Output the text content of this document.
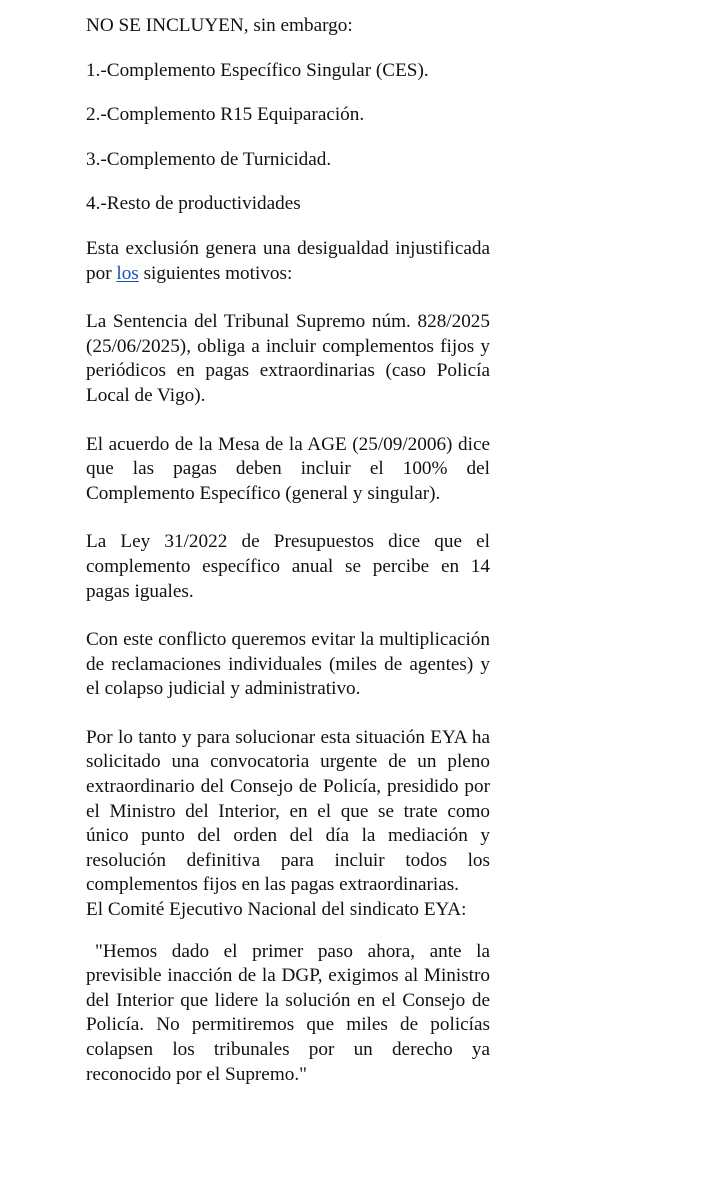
NO SE INCLUYEN, sin embargo:

1.-Complemento Específico Singular (CES).

2.-Complemento R15 Equiparación.

3.-Complemento de Turnicidad.

4.-Resto de productividades

Esta exclusión genera una desigualdad injustificada por los siguientes motivos:

La Sentencia del Tribunal Supremo núm. 828/2025 (25/06/2025), obliga a incluir complementos fijos y periódicos en pagas extraordinarias (caso Policía Local de Vigo).

El acuerdo de la Mesa de la AGE (25/09/2006) dice que las pagas deben incluir el 100% del Complemento Específico (general y singular).

La Ley 31/2022 de Presupuestos dice que el complemento específico anual se percibe en 14 pagas iguales.

Con este conflicto queremos evitar la multiplicación de reclamaciones individuales (miles de agentes) y el colapso judicial y administrativo.

Por lo tanto y para solucionar esta situación EYA ha solicitado una convocatoria urgente de un pleno extraordinario del Consejo de Policía, presidido por el Ministro del Interior, en el que se trate como único punto del orden del día la mediación y resolución definitiva para incluir todos los complementos fijos en las pagas extraordinarias.

El Comité Ejecutivo Nacional del sindicato EYA:

"Hemos dado el primer paso ahora, ante la previsible inacción de la DGP, exigimos al Ministro del Interior que lidere la solución en el Consejo de Policía. No permitiremos que miles de policías colapsen los tribunales por un derecho ya reconocido por el Supremo."
